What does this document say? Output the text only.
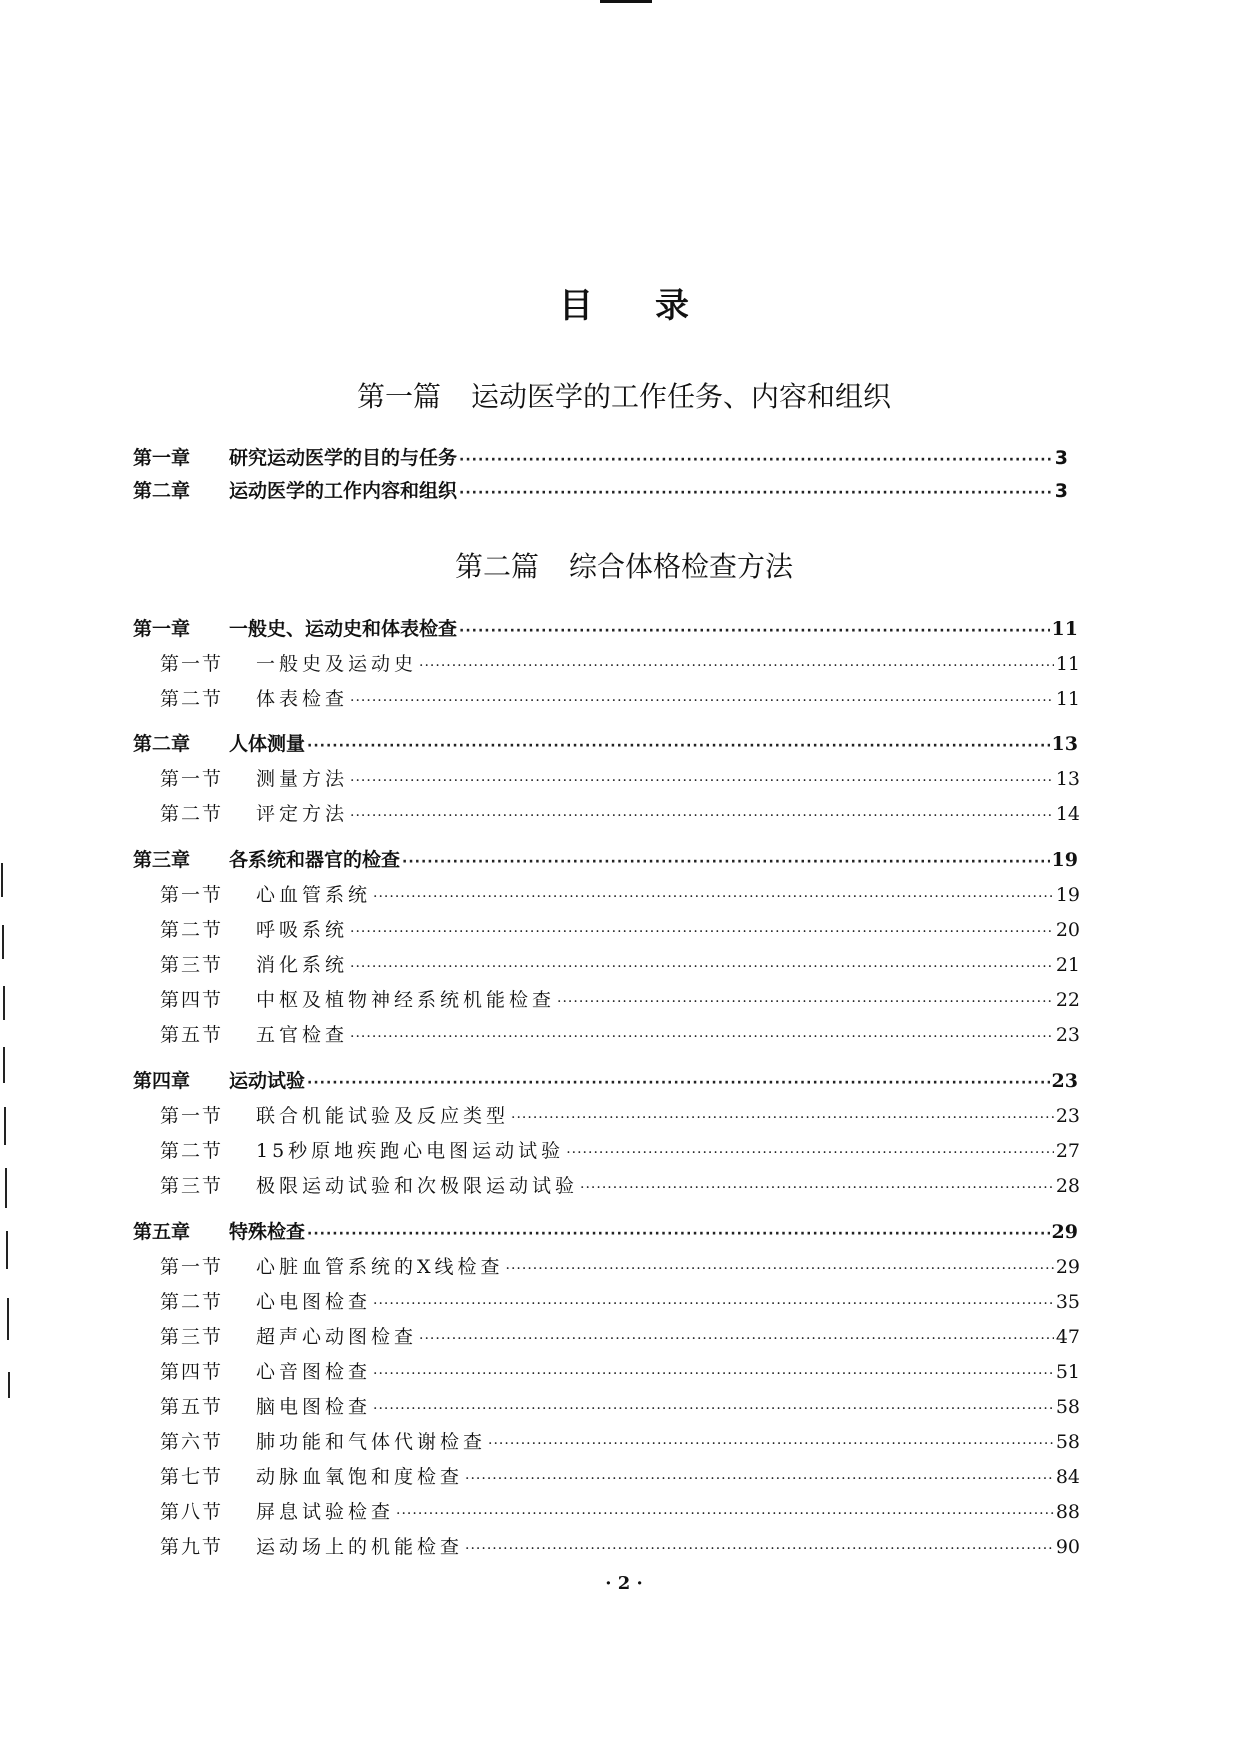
目 录
第一篇 运动医学的工作任务、内容和组织
第一章 研究运动医学的目的与任务 ·····	3
第二章 运动医学的工作内容和组织 ·····	3
第二篇 综合体格检查方法
第一章 一般史、运动史和体表检查 ·····	11
第一节 一般史及运动史 ·····	11
第二节 体表检查 ·····	11
第二章 人体测量 ·····	13
第一节 测量方法 ·····	13
第二节 评定方法 ·····	14
第三章 各系统和器官的检查 ·····	19
第一节 心血管系统 ·····	19
第二节 呼吸系统 ·····	20
第三节 消化系统 ·····	21
第四节 中枢及植物神经系统机能检查 ·····	22
第五节 五官检查 ·····	23
第四章 运动试验 ·····	23
第一节 联合机能试验及反应类型 ·····	23
第二节 15秒原地疾跑心电图运动试验 ·····	27
第三节 极限运动试验和次极限运动试验 ·····	28
第五章 特殊检查 ·····	29
第一节 心脏血管系统的X线检查 ·····	29
第二节 心电图检查 ·····	35
第三节 超声心动图检查 ·····	47
第四节 心音图检查 ·····	51
第五节 脑电图检查 ·····	58
第六节 肺功能和气体代谢检查 ·····	58
第七节 动脉血氧饱和度检查 ·····	84
第八节 屏息试验检查 ·····	88
第九节 运动场上的机能检查 ·····	90
· 2 ·
